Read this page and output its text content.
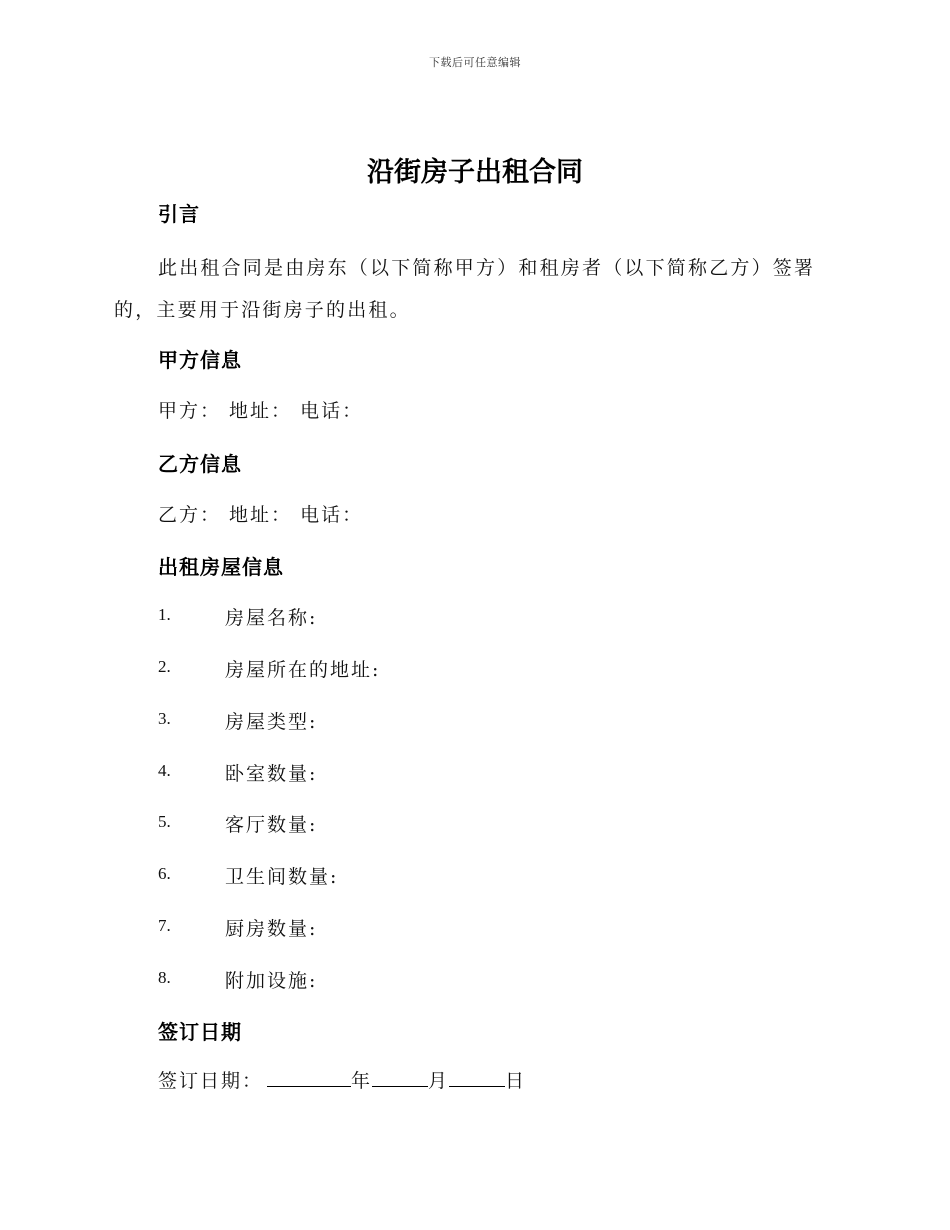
下载后可任意编辑
沿街房子出租合同
引言
此出租合同是由房东（以下简称甲方）和租房者（以下简称乙方）签署的，主要用于沿街房子的出租。
甲方信息
甲方： 地址： 电话：
乙方信息
乙方： 地址： 电话：
出租房屋信息
1.	房屋名称:
2.	房屋所在的地址:
3.	房屋类型:
4.	卧室数量:
5.	客厅数量:
6.	卫生间数量:
7.	厨房数量:
8.	附加设施:
签订日期
签订日期：	年	月	日
